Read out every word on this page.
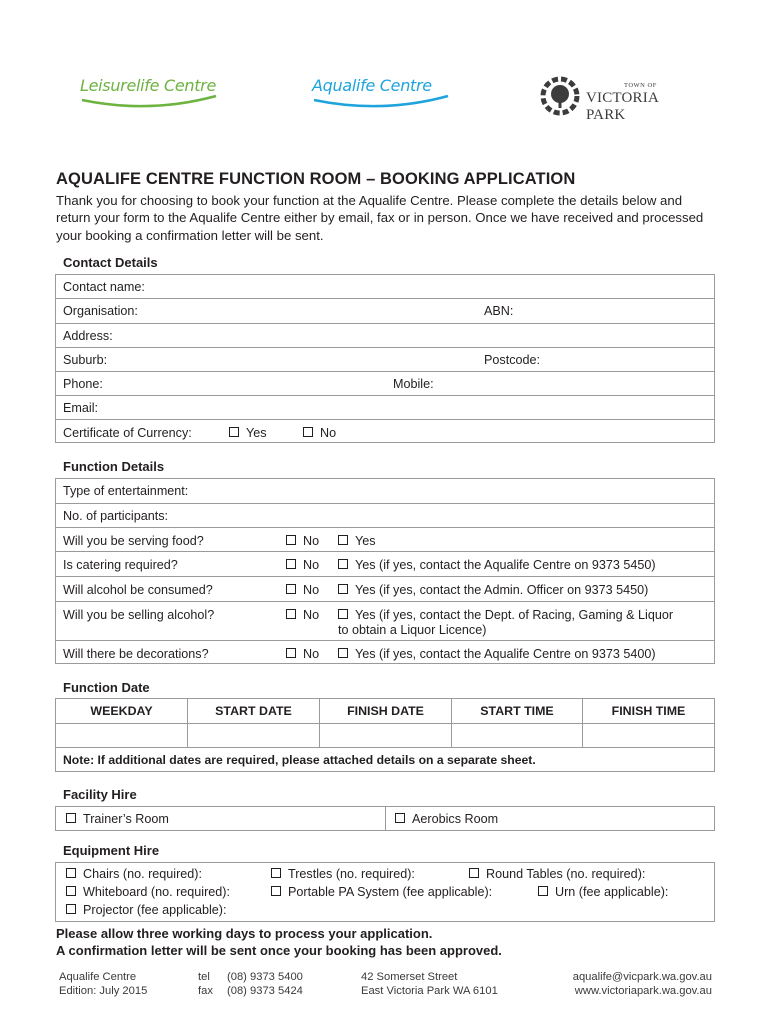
Leisurelife Centre	Aqualife Centre	TOWN OF
VICTORIA PARK
AQUALIFE CENTRE FUNCTION ROOM – BOOKING APPLICATION
Thank you for choosing to book your function at the Aqualife Centre. Please complete the details below and return your form to the Aqualife Centre either by email, fax or in person. Once we have received and processed your booking a confirmation letter will be sent.
Contact Details
Contact name:
Organisation:	ABN:
Address:
Suburb:	Postcode:
Phone:	Mobile:
Email:
Certificate of Currency:	Yes	No
Function Details
Type of entertainment:
No. of participants:
Will you be serving food?	No	Yes
Is catering required?	No	Yes (if yes, contact the Aqualife Centre on 9373 5450)
Will alcohol be consumed?	No	Yes (if yes, contact the Admin. Officer on 9373 5450)
Will you be selling alcohol?	No	Yes (if yes, contact the Dept. of Racing, Gaming & Liquor
to obtain a Liquor Licence)
Will there be decorations?	No	Yes (if yes, contact the Aqualife Centre on 9373 5400)
Function Date
WEEKDAY	START DATE	FINISH DATE	START TIME	FINISH TIME
Note: If additional dates are required, please attached details on a separate sheet.
Facility Hire
Trainer’s Room	Aerobics Room
Equipment Hire
Chairs (no. required):	Trestles (no. required):	Round Tables (no. required):
Whiteboard (no. required):	Portable PA System (fee applicable):	Urn (fee applicable):
Projector (fee applicable):
Please allow three working days to process your application.
A confirmation letter will be sent once your booking has been approved.
Aqualife Centre
Edition: July 2015
tel (08) 9373 5400
fax (08) 9373 5424
42 Somerset Street
East Victoria Park WA 6101
aqualife@vicpark.wa.gov.au
www.victoriapark.wa.gov.au
